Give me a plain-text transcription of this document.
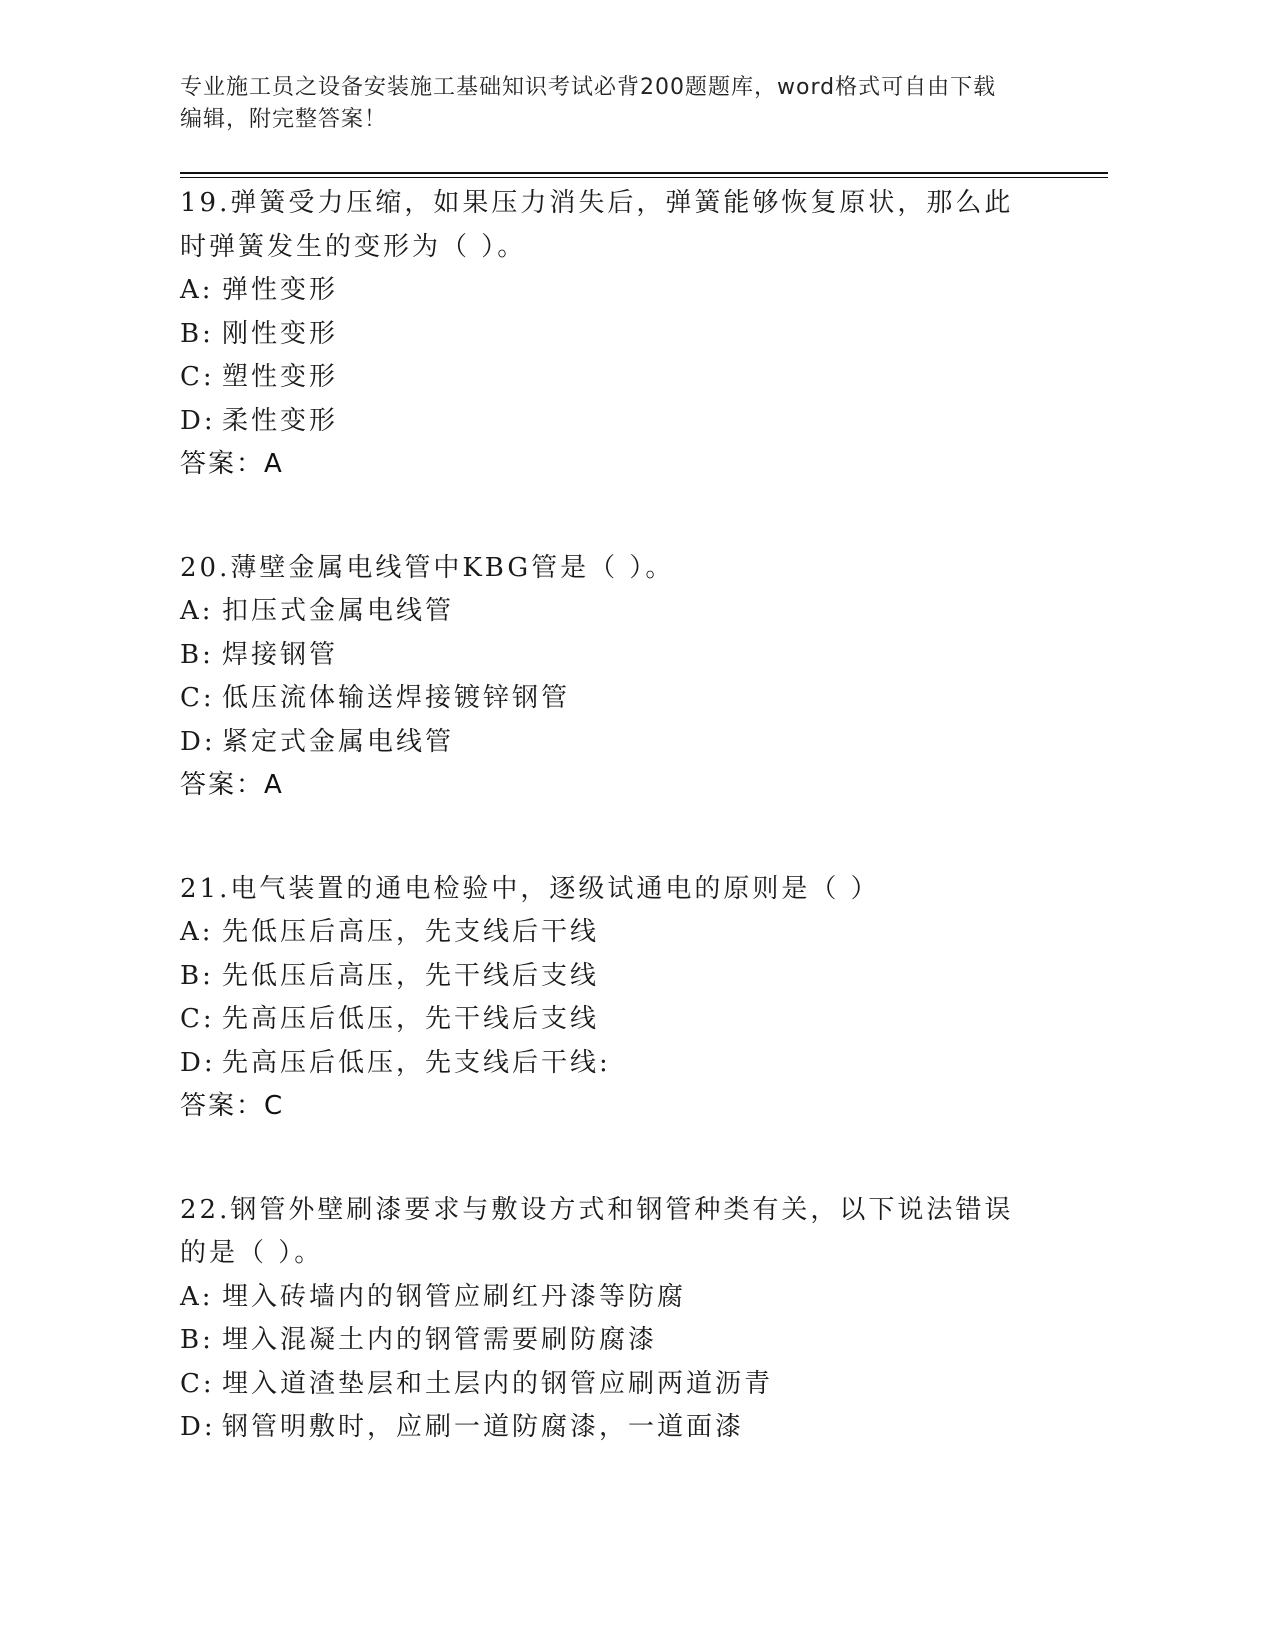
专业施工员之设备安装施工基础知识考试必背200题题库，word格式可自由下载
编辑，附完整答案！

19.弹簧受力压缩，如果压力消失后，弹簧能够恢复原状，那么此时弹簧发生的变形为（ ）。

A: 弹性变形

B: 刚性变形

C: 塑性变形

D: 柔性变形

答案：A

20.薄壁金属电线管中KBG管是（ ）。

A: 扣压式金属电线管

B: 焊接钢管

C: 低压流体输送焊接镀锌钢管

D: 紧定式金属电线管

答案：A

21.电气装置的通电检验中，逐级试通电的原则是（ ）

A: 先低压后高压，先支线后干线

B: 先低压后高压，先干线后支线

C: 先高压后低压，先干线后支线

D: 先高压后低压，先支线后干线:

答案：C

22.钢管外壁刷漆要求与敷设方式和钢管种类有关，以下说法错误的是（ ）。

A: 埋入砖墙内的钢管应刷红丹漆等防腐

B: 埋入混凝土内的钢管需要刷防腐漆

C: 埋入道渣垫层和土层内的钢管应刷两道沥青

D: 钢管明敷时，应刷一道防腐漆，一道面漆
